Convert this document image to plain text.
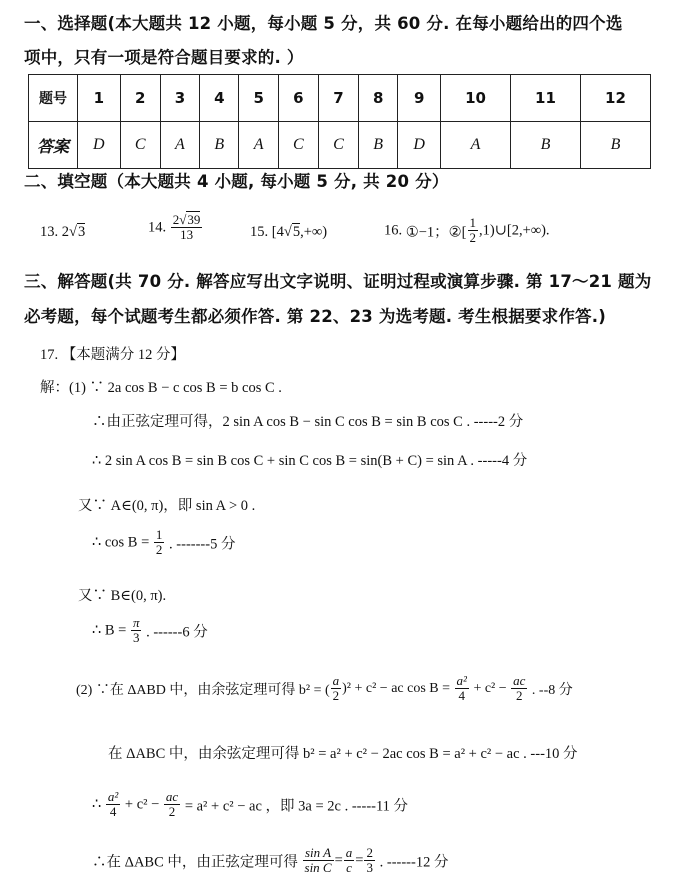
一、选择题(本大题共 12 小题，每小题 5 分，共 60 分. 在每小题给出的四个选
项中，只有一项是符合题目要求的. ）
题号	1	2	3	4	5	6	7	8	9	10	11	12
答案	D	C	A	B	A	C	C	B	D	A	B	B
二、填空题（本大题共 4 小题, 每小题 5 分, 共 20 分）
13. 2√3	14. $\frac{2√39}{13}$	15. [4√5,+∞)	16. ①−1；②[ $\frac{1}{2}$ ,1)∪[2,+∞).
三、解答题(共 70 分. 解答应写出文字说明、证明过程或演算步骤. 第 17～21 题为
必考题，每个试题考生都必须作答. 第 22、23 为选考题. 考生根据要求作答.)
17. 【本题满分 12 分】
解：(1) ∵ 2a cos B − c cos B = b cos C .
∴由正弦定理可得，2 sin A cos B − sin C cos B = sin B cos C . -----2 分
∴ 2 sin A cos B = sin B cos C + sin C cos B = sin(B + C) = sin A . -----4 分
又∵ A∈(0, π)，即 sin A > 0 .
∴ $\cos B = \frac{1}{2}$ . -------5 分
又∵ B∈(0, π).
∴ $B = \frac{\pi}{3}$ . ------6 分
(2) ∵在 ΔABD 中，由余弦定理可得 b² = ( $\frac{a}{2} )^2 + c^2$ − ac $\cos B = \frac{\text{a²}}{4} + c^2 - \frac{ac}{2}$ . --8 分
在 ΔABC 中，由余弦定理可得 b² = a² + c² − 2ac cos B = a² + c² − ac . ---10 分
∴ $\frac{\text{a²}}{4} + c^2 - \frac{ac}{2} = a^2 + c^2$ − ac ，即 3a = 2c . -----11 分
∴在 ΔABC 中，由正弦定理可得 $\frac{\text{sin A}}{\text{sin C}} = \frac{a}{c} = \frac{2}{3}$ . ------12 分
